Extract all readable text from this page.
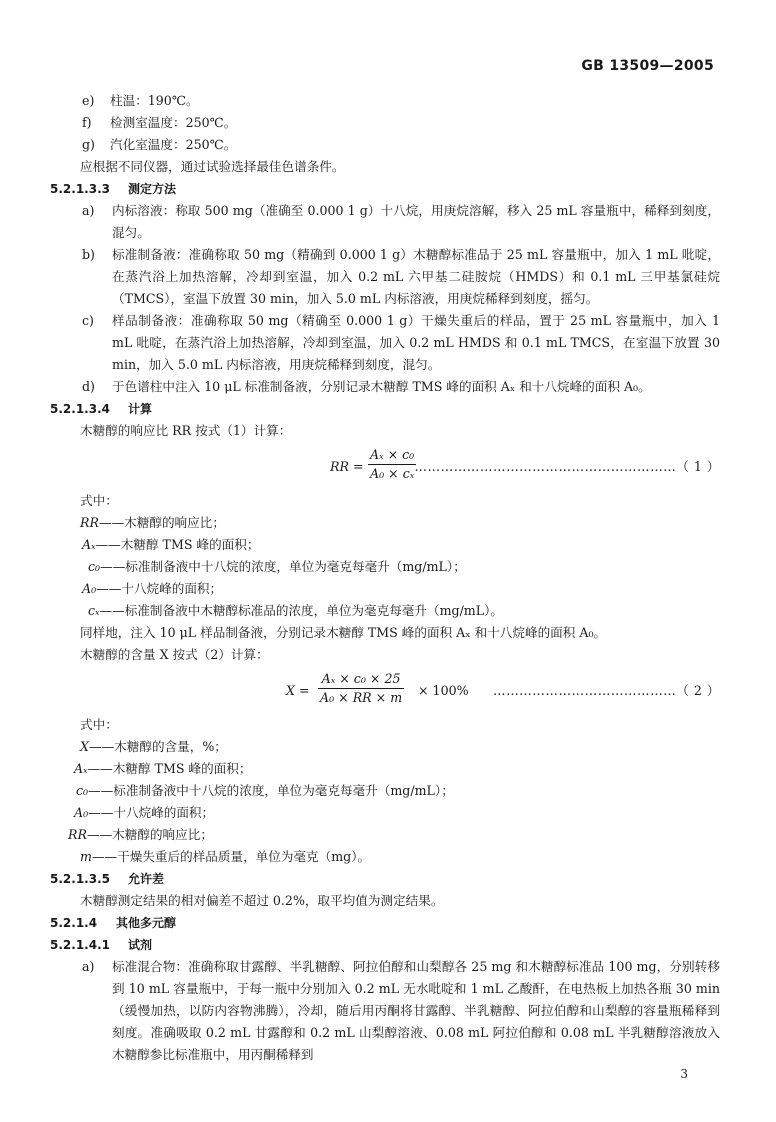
GB 13509—2005
e) 柱温：190℃。
f) 检测室温度：250℃。
g) 汽化室温度：250℃。
应根据不同仪器，通过试验选择最佳色谱条件。
5.2.1.3.3 测定方法
a)	内标溶液：称取 500 mg（准确至 0.000 1 g）十八烷，用庚烷溶解，移入 25 mL 容量瓶中，稀释到刻度，混匀。
b)	标准制备液：准确称取 50 mg（精确到 0.000 1 g）木糖醇标准品于 25 mL 容量瓶中，加入 1 mL 吡啶，在蒸汽浴上加热溶解，冷却到室温，加入 0.2 mL 六甲基二硅胺烷（HMDS）和 0.1 mL 三甲基氯硅烷（TMCS），室温下放置 30 min，加入 5.0 mL 内标溶液，用庚烷稀释到刻度，摇匀。
c)	样品制备液：准确称取 50 mg（精确至 0.000 1 g）干燥失重后的样品，置于 25 mL 容量瓶中，加入 1 mL 吡啶，在蒸汽浴上加热溶解，冷却到室温，加入 0.2 mL HMDS 和 0.1 mL TMCS，在室温下放置 30 min，加入 5.0 mL 内标溶液，用庚烷稀释到刻度，混匀。
d)	于色谱柱中注入 10 μL 标准制备液，分别记录木糖醇 TMS 峰的面积 Aₓ 和十八烷峰的面积 A₀。
5.2.1.3.4 计算
木糖醇的响应比 RR 按式（1）计算：
RR = $\frac{\text{Aₓ × c₀}}{\text{A₀ × cₓ}}$
……………………………………………………（ 1 ）
式中：
RR——木糖醇的响应比；
Aₓ——木糖醇 TMS 峰的面积；
c₀——标准制备液中十八烷的浓度，单位为毫克每毫升（mg/mL）；
A₀——十八烷峰的面积；
cₓ——标准制备液中木糖醇标准品的浓度，单位为毫克每毫升（mg/mL）。
同样地，注入 10 μL 样品制备液，分别记录木糖醇 TMS 峰的面积 Aₓ 和十八烷峰的面积 A₀。
木糖醇的含量 X 按式（2）计算：
$X = \frac{\text{Aₓ × c₀ × 25}}{\text{A₀ × RR × m}} \times 100\%$ ……………………………………（ 2 ）
式中：
X——木糖醇的含量，%；
Aₓ——木糖醇 TMS 峰的面积；
c₀——标准制备液中十八烷的浓度，单位为毫克每毫升（mg/mL）；
A₀——十八烷峰的面积；
RR——木糖醇的响应比；
m——干燥失重后的样品质量，单位为毫克（mg）。
5.2.1.3.5 允许差
木糖醇测定结果的相对偏差不超过 0.2%，取平均值为测定结果。
5.2.1.4 其他多元醇
5.2.1.4.1 试剂
a)	标准混合物：准确称取甘露醇、半乳糖醇、阿拉伯醇和山梨醇各 25 mg 和木糖醇标准品 100 mg，分别转移到 10 mL 容量瓶中，于每一瓶中分别加入 0.2 mL 无水吡啶和 1 mL 乙酸酐，在电热板上加热各瓶 30 min（缓慢加热，以防内容物沸腾），冷却，随后用丙酮将甘露醇、半乳糖醇、阿拉伯醇和山梨醇的容量瓶稀释到刻度。准确吸取 0.2 mL 甘露醇和 0.2 mL 山梨醇溶液、0.08 mL 阿拉伯醇和 0.08 mL 半乳糖醇溶液放入木糖醇参比标准瓶中，用丙酮稀释到
3
